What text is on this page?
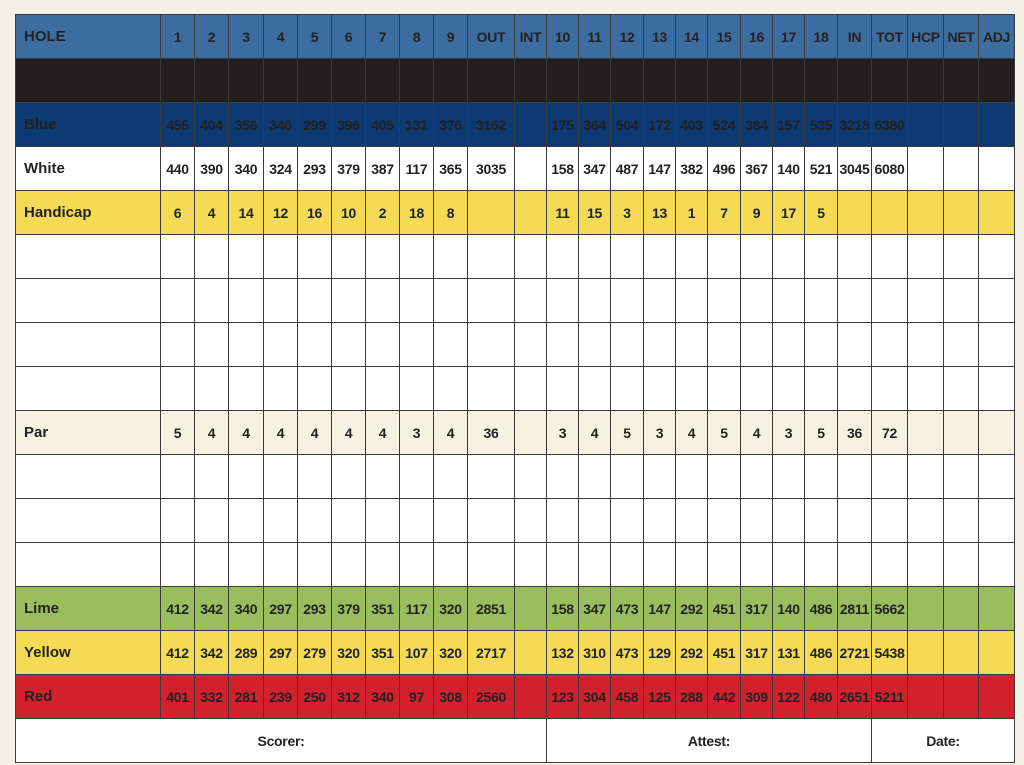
HOLE	1	2	3	4	5	6	7	8	9	OUT	INT	10	11	12	13	14	15	16	17	18	IN	TOT	HCP	NET	ADJ
Black	474	412	375	383	315	412	425	146	395	3337		201	385	532	195	422	547	398	184	550	3414	6751			
Blue	455	404	356	340	299	396	405	131	376	3162		175	364	504	172	403	524	384	157	535	3218	6380			
White	440	390	340	324	293	379	387	117	365	3035		158	347	487	147	382	496	367	140	521	3045	6080			
Handicap	6	4	14	12	16	10	2	18	8			11	15	3	13	1	7	9	17	5					

Par	5	4	4	4	4	4	4	3	4	36		3	4	5	3	4	5	4	3	5	36	72			

Lime	412	342	340	297	293	379	351	117	320	2851		158	347	473	147	292	451	317	140	486	2811	5662			
Yellow	412	342	289	297	279	320	351	107	320	2717		132	310	473	129	292	451	317	131	486	2721	5438			
Red	401	332	281	239	250	312	340	97	308	2560		123	304	458	125	288	442	309	122	480	2651	5211			
Scorer:												Attest:										Date:			
